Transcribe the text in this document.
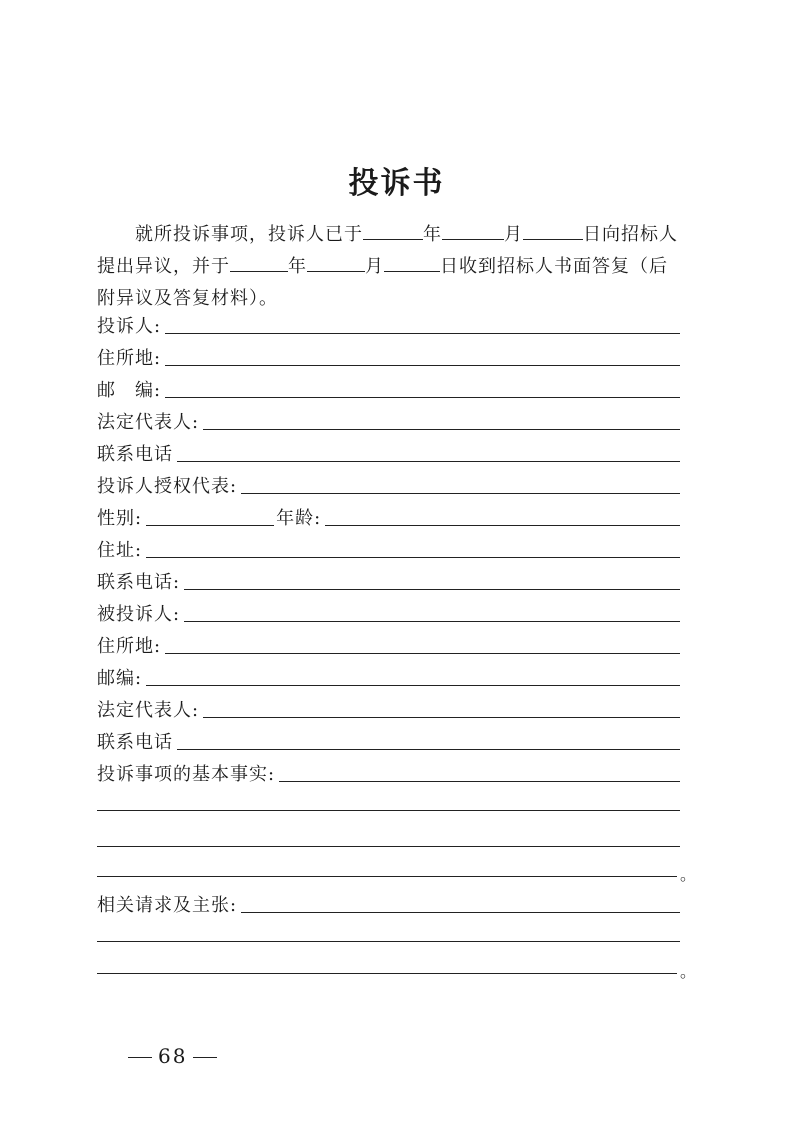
投诉书
就所投诉事项，投诉人已于	年	月	日向招标人
提出异议，并于	年	月	日收到招标人书面答复（后
附异议及答复材料）。
投诉人:
住所地:
邮　编:
法定代表人:
联系电话
投诉人授权代表:
性别:	年龄:
住址:
联系电话:
被投诉人:
住所地:
邮编:
法定代表人:
联系电话
投诉事项的基本事实:
。
相关请求及主张:
。
68
